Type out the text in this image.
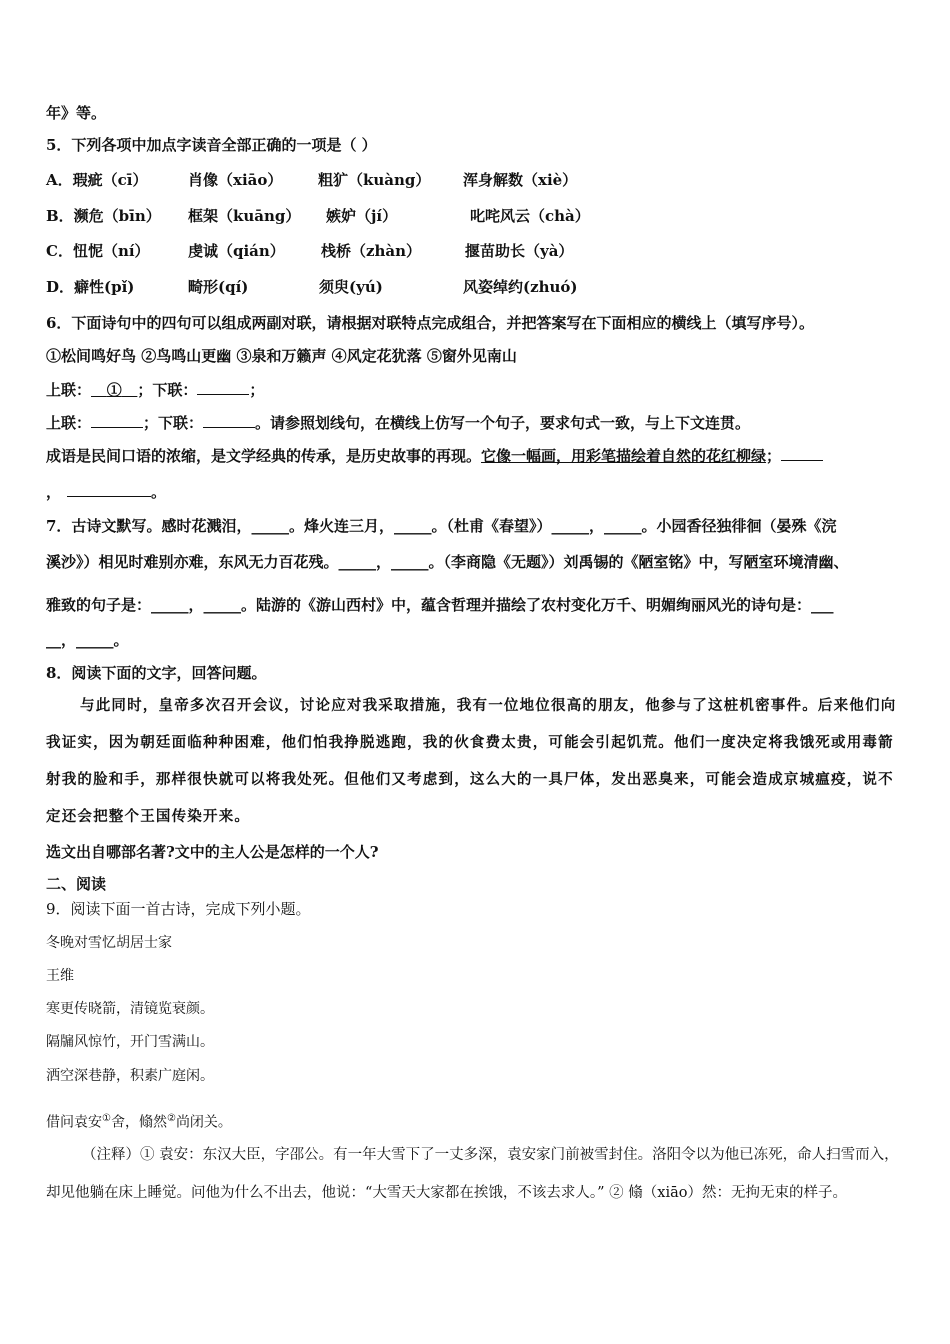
年》等。
5．下列各项中加点字读音全部正确的一项是（ ）
A．瑕疵（cī）	肖像（xiāo） 粗犷（kuàng） 浑身解数（xiè）
B．濒危（bīn） 框架（kuāng） 嫉妒（jí）	叱咤风云（chà）
C．忸怩（ní）	虔诚（qián） 栈桥（zhàn）	揠苗助长（yà）
D．癖性(pǐ)	畸形(qí)	须臾(yú)	风姿绰约(zhuó)
6．下面诗句中的四句可以组成两副对联，请根据对联特点完成组合，并把答案写在下面相应的横线上（填写序号）。
①松间鸣好鸟 ②鸟鸣山更幽 ③泉和万籁声 ④风定花犹落 ⑤窗外见南山
上联： ① ；下联：	；
上联：	；下联：	。请参照划线句，在横线上仿写一个句子，要求句式一致，与上下文连贯。
成语是民间口语的浓缩，是文学经典的传承，是历史故事的再现。它像一幅画，用彩笔描绘着自然的花红柳绿；
，	。
7．古诗文默写。感时花溅泪，_____。烽火连三月，_____。（杜甫《春望》）_____，_____。小园香径独徘徊（晏殊《浣
溪沙》）相见时难别亦难，东风无力百花残。_____，_____。（李商隐《无题》）刘禹锡的《陋室铭》中，写陋室环境清幽、
雅致的句子是：_____，_____。陆游的《游山西村》中，蕴含哲理并描绘了农村变化万千、明媚绚丽风光的诗句是：___
__，_____。
8．阅读下面的文字，回答问题。
与此同时，皇帝多次召开会议，讨论应对我采取措施，我有一位地位很高的朋友，他参与了这桩机密事件。后来他们向我证实，因为朝廷面临种种困难，他们怕我挣脱逃跑，我的伙食费太贵，可能会引起饥荒。他们一度决定将我饿死或用毒箭射我的脸和手，那样很快就可以将我处死。但他们又考虑到，这么大的一具尸体，发出恶臭来，可能会造成京城瘟疫，说不定还会把整个王国传染开来。
选文出自哪部名著?文中的主人公是怎样的一个人?
二、阅读
9．阅读下面一首古诗，完成下列小题。
冬晚对雪忆胡居士家
王维
寒更传晓箭，清镜览衰颜。
隔牖风惊竹，开门雪满山。
洒空深巷静，积素广庭闲。
借问袁安①舍，翛然②尚闭关。
（注释）① 袁安：东汉大臣，字邵公。有一年大雪下了一丈多深，袁安家门前被雪封住。洛阳令以为他已冻死，命人扫雪而入，却见他躺在床上睡觉。问他为什么不出去，他说：“大雪天大家都在挨饿，不该去求人。” ② 翛（xiāo）然：无拘无束的样子。
